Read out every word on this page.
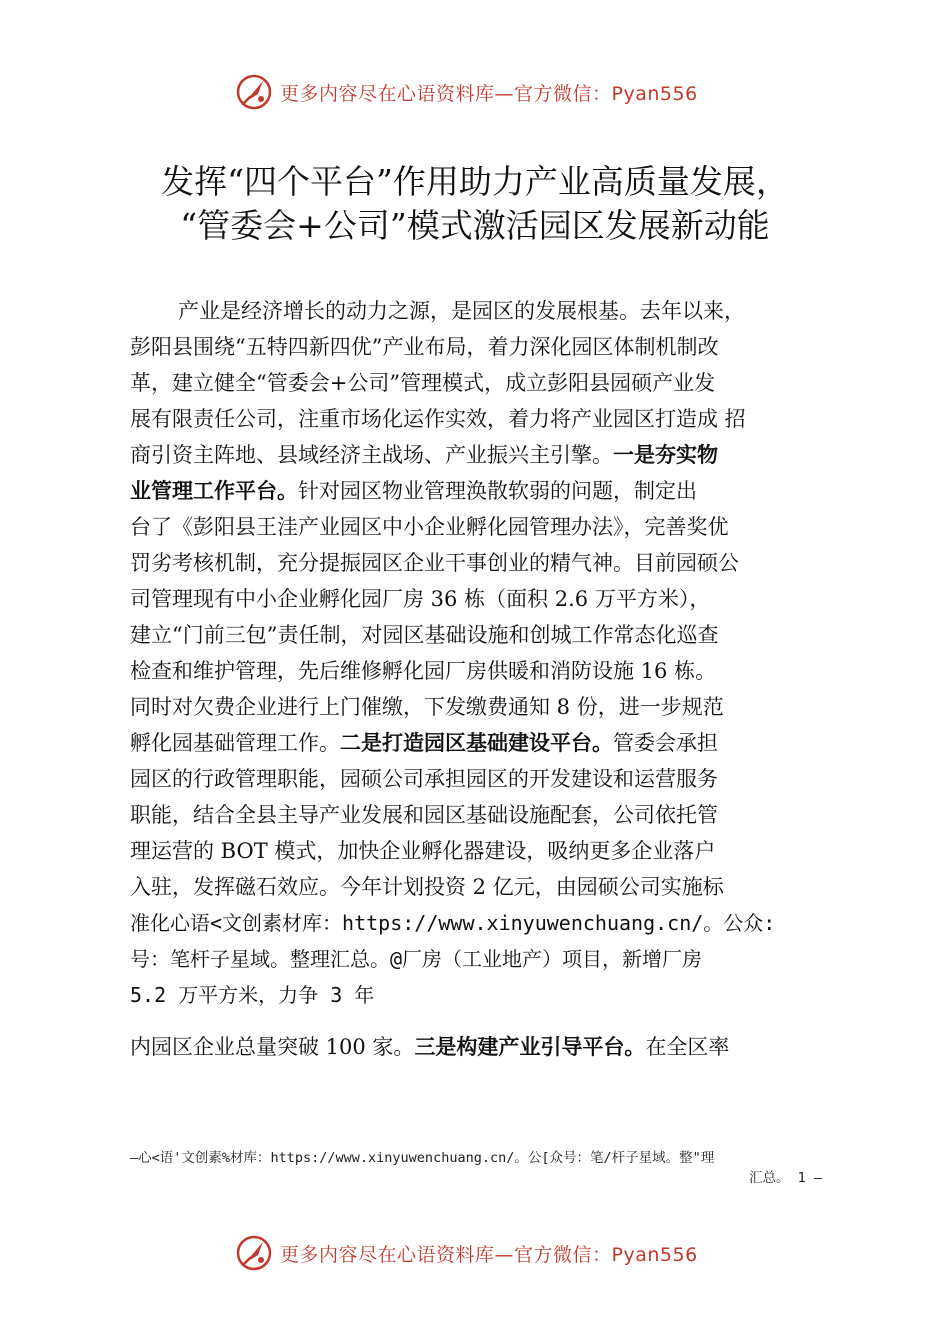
更多内容尽在心语资料库—官方微信：Pyan556
发挥“四个平台”作用助力产业高质量发展，
“管委会+公司”模式激活园区发展新动能
产业是经济增长的动力之源，是园区的发展根基。去年以来，
彭阳县围绕“五特四新四优”产业布局，着力深化园区体制机制改
革，建立健全“管委会+公司”管理模式，成立彭阳县园硕产业发
展有限责任公司，注重市场化运作实效，着力将产业园区打造成 招
商引资主阵地、县域经济主战场、产业振兴主引擎。一是夯实物
业管理工作平台。针对园区物业管理涣散软弱的问题，制定出
台了《彭阳县王洼产业园区中小企业孵化园管理办法》，完善奖优
罚劣考核机制，充分提振园区企业干事创业的精气神。目前园硕公
司管理现有中小企业孵化园厂房 36 栋（面积 2.6 万平方米），
建立“门前三包”责任制，对园区基础设施和创城工作常态化巡查
检查和维护管理，先后维修孵化园厂房供暖和消防设施 16 栋。
同时对欠费企业进行上门催缴，下发缴费通知 8 份，进一步规范
孵化园基础管理工作。二是打造园区基础建设平台。管委会承担
园区的行政管理职能，园硕公司承担园区的开发建设和运营服务
职能，结合全县主导产业发展和园区基础设施配套，公司依托管
理运营的 BOT 模式，加快企业孵化器建设，吸纳更多企业落户
入驻，发挥磁石效应。今年计划投资 2 亿元，由园硕公司实施标
准化心语<文创素材库：https://www.xinyuwenchuang.cn/。公众:
号：笔杆子星域。整理汇总。@厂房（工业地产）项目，新增厂房
5.2 万平方米，力争 3 年
内园区企业总量突破 100 家。三是构建产业引导平台。在全区率
—心<语'文创素%材库：https://www.xinyuwenchuang.cn/。公[众号：笔/杆子星域。整"理
汇总。 1 —
更多内容尽在心语资料库—官方微信：Pyan556
